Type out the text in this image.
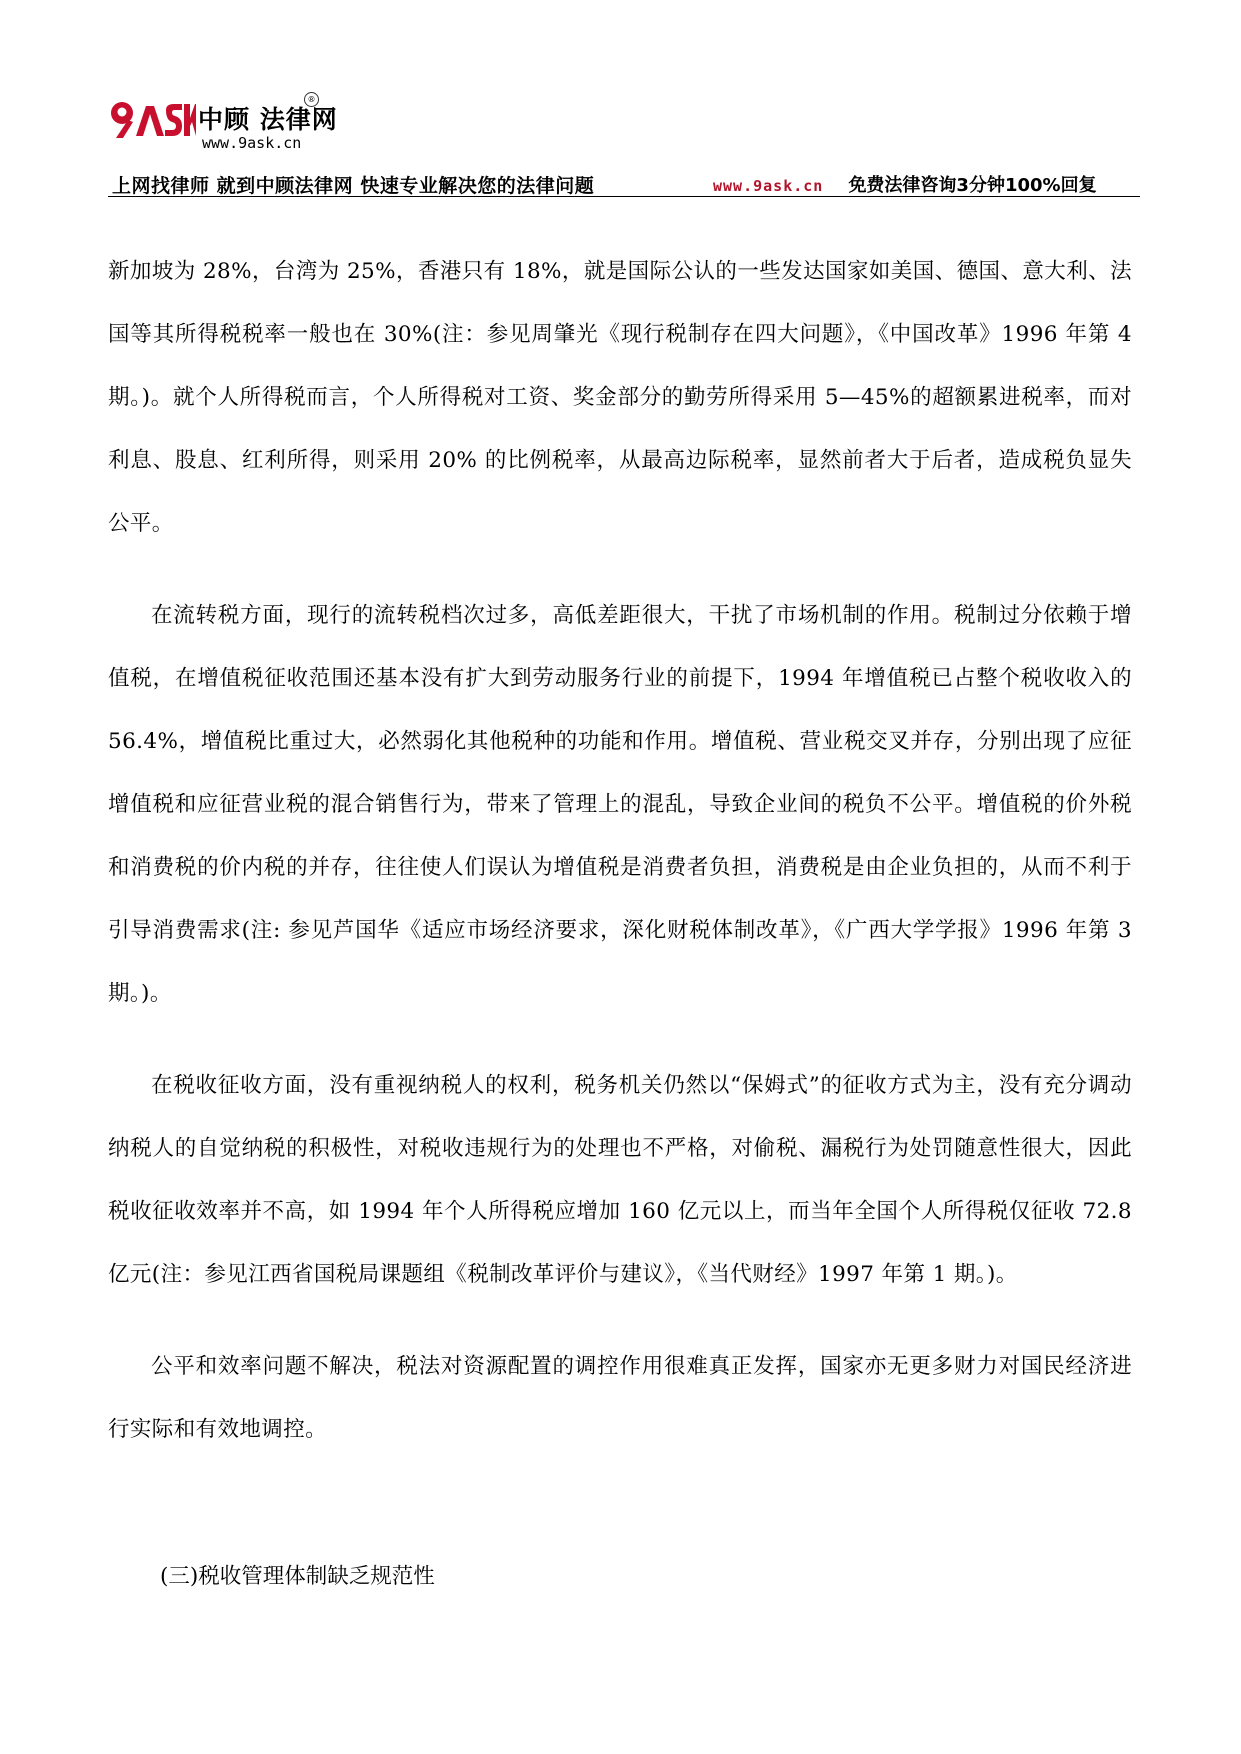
中顾 法律网
®
www.9ask.cn
上网找律师 就到中顾法律网 快速专业解决您的法律问题	www.9ask.cn 免费法律咨询3分钟100%回复

新加坡为 28%，台湾为 25%，香港只有 18%，就是国际公认的一些发达国家如美国、德国、意大利、法国等其所得税税率一般也在 30%(注：参见周肇光《现行税制存在四大问题》，《中国改革》1996 年第 4 期。)。就个人所得税而言，个人所得税对工资、奖金部分的勤劳所得采用 5—45%的超额累进税率，而对利息、股息、红利所得，则采用 20% 的比例税率，从最高边际税率，显然前者大于后者，造成税负显失公平。

在流转税方面，现行的流转税档次过多，高低差距很大，干扰了市场机制的作用。税制过分依赖于增值税，在增值税征收范围还基本没有扩大到劳动服务行业的前提下，1994 年增值税已占整个税收收入的 56.4%，增值税比重过大，必然弱化其他税种的功能和作用。增值税、营业税交叉并存，分别出现了应征增值税和应征营业税的混合销售行为，带来了管理上的混乱，导致企业间的税负不公平。增值税的价外税和消费税的价内税的并存，往往使人们误认为增值税是消费者负担，消费税是由企业负担的，从而不利于引导消费需求(注: 参见芦国华《适应市场经济要求，深化财税体制改革》，《广西大学学报》1996 年第 3 期。)。

在税收征收方面，没有重视纳税人的权利，税务机关仍然以“保姆式”的征收方式为主，没有充分调动纳税人的自觉纳税的积极性，对税收违规行为的处理也不严格，对偷税、漏税行为处罚随意性很大，因此税收征收效率并不高，如 1994 年个人所得税应增加 160 亿元以上，而当年全国个人所得税仅征收 72.8 亿元(注：参见江西省国税局课题组《税制改革评价与建议》，《当代财经》1997 年第 1 期。)。

公平和效率问题不解决，税法对资源配置的调控作用很难真正发挥，国家亦无更多财力对国民经济进行实际和有效地调控。

(三)税收管理体制缺乏规范性
